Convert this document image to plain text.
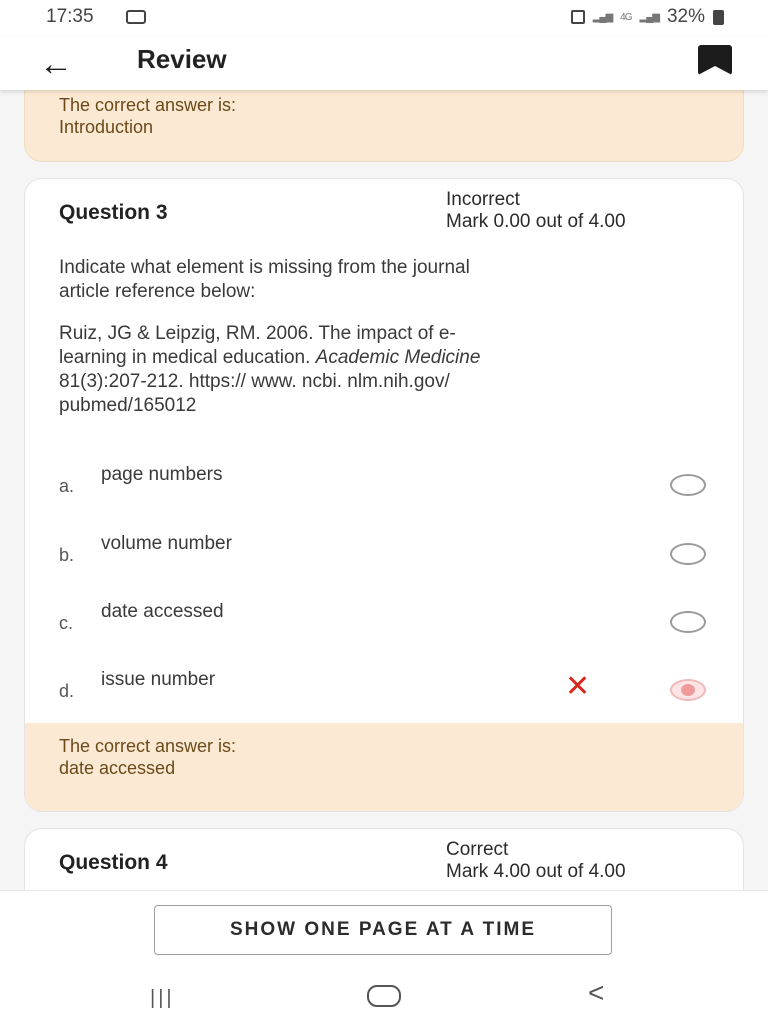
17:35	▂▄▆ 4G ▂▄▆ 32%
← Review
The correct answer is:
Introduction
Question 3
Incorrect
Mark 0.00 out of 4.00
Indicate what element is missing from the journal
article reference below:
Ruiz, JG & Leipzig, RM. 2006. The impact of e-
learning in medical education. Academic Medicine
81(3):207-212. https:// www. ncbi. nlm.nih.gov/
pubmed/165012
a.
page numbers
b.
volume number
c.
date accessed
d.
issue number	✕
The correct answer is:
date accessed
Question 4
Correct
Mark 4.00 out of 4.00
SHOW ONE PAGE AT A TIME
|||	<
